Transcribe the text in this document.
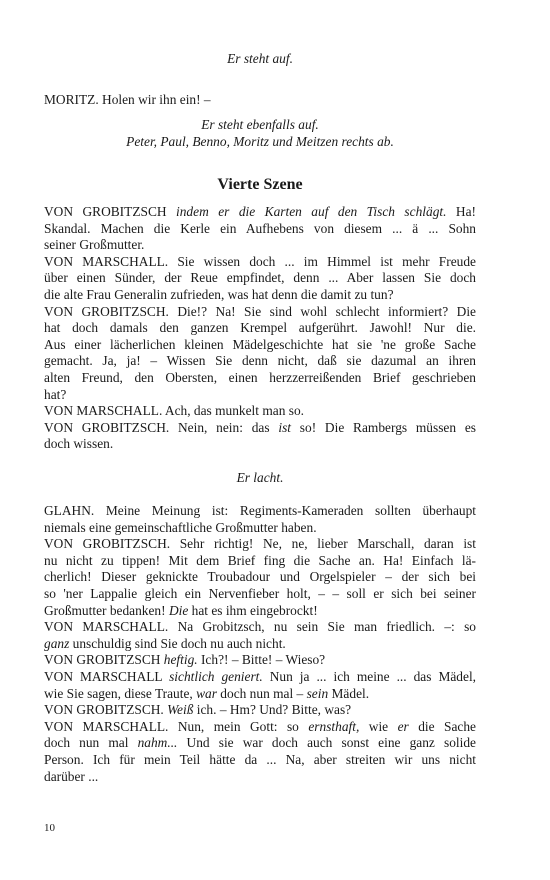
Er steht auf.
MORITZ. Holen wir ihn ein! –
Er steht ebenfalls auf.
Peter, Paul, Benno, Moritz und Meitzen rechts ab.
Vierte Szene
VON GROBITZSCH indem er die Karten auf den Tisch schlägt. Ha!
Skandal. Machen die Kerle ein Aufhebens von diesem ... ä ... Sohn
seiner Großmutter.
VON MARSCHALL. Sie wissen doch ... im Himmel ist mehr Freude
über einen Sünder, der Reue empfindet, denn ... Aber lassen Sie doch
die alte Frau Generalin zufrieden, was hat denn die damit zu tun?
VON GROBITZSCH. Die!? Na! Sie sind wohl schlecht informiert? Die
hat doch damals den ganzen Krempel aufgerührt. Jawohl! Nur die.
Aus einer lächerlichen kleinen Mädelgeschichte hat sie 'ne große Sache
gemacht. Ja, ja! – Wissen Sie denn nicht, daß sie dazumal an ihren
alten Freund, den Obersten, einen herzzerreißenden Brief geschrieben
hat?
VON MARSCHALL. Ach, das munkelt man so.
VON GROBITZSCH. Nein, nein: das ist so! Die Rambergs müssen es
doch wissen.
Er lacht.
GLAHN. Meine Meinung ist: Regiments-Kameraden sollten überhaupt
niemals eine gemeinschaftliche Großmutter haben.
VON GROBITZSCH. Sehr richtig! Ne, ne, lieber Marschall, daran ist
nu nicht zu tippen! Mit dem Brief fing die Sache an. Ha! Einfach lä-
cherlich! Dieser geknickte Troubadour und Orgelspieler – der sich bei
so 'ner Lappalie gleich ein Nervenfieber holt, – – soll er sich bei seiner
Großmutter bedanken! Die hat es ihm eingebrockt!
VON MARSCHALL. Na Grobitzsch, nu sein Sie man friedlich. –: so
ganz unschuldig sind Sie doch nu auch nicht.
VON GROBITZSCH heftig. Ich?! – Bitte! – Wieso?
VON MARSCHALL sichtlich geniert. Nun ja ... ich meine ... das Mädel,
wie Sie sagen, diese Traute, war doch nun mal – sein Mädel.
VON GROBITZSCH. Weiß ich. – Hm? Und? Bitte, was?
VON MARSCHALL. Nun, mein Gott: so ernsthaft, wie er die Sache
doch nun mal nahm... Und sie war doch auch sonst eine ganz solide
Person. Ich für mein Teil hätte da ... Na, aber streiten wir uns nicht
darüber ...
10
